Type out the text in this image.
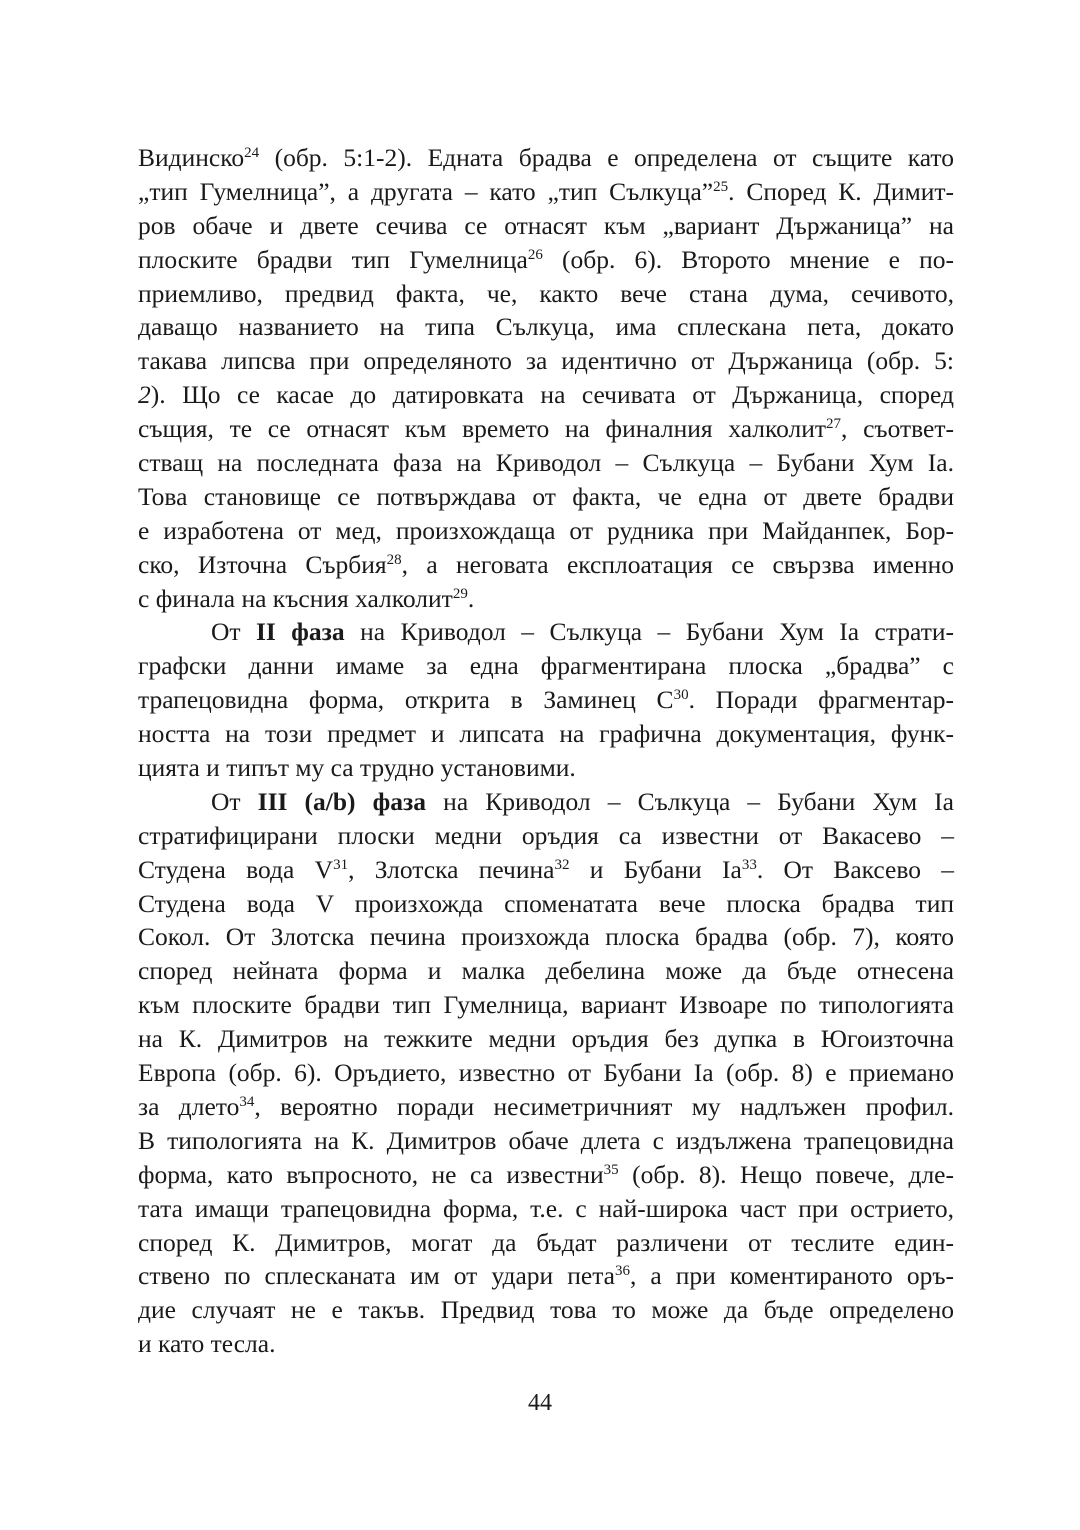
Видинско$^{24}$ (обр. 5:1-2). Едната брадва е определена от същите като
„тип Гумелница”, а другата – като „тип Сълкуца”$^{25}$. Според К. Димит-
ров обаче и двете сечива се отнасят към „вариант Държаница” на
плоските брадви тип Гумелница$^{26}$ (обр. 6). Второто мнение е по-
приемливо, предвид факта, че, както вече стана дума, сечивото,
даващо названието на типа Сълкуца, има сплескана пета, докато
такава липсва при определяното за идентично от Държаница (обр. 5:
2). Що се касае до датировката на сечивата от Държаница, според
същия, те се отнасят към времето на финалния халколит$^{27}$, съответ-
стващ на последната фаза на Криводол – Сълкуца – Бубани Хум Ia.
Това становище се потвърждава от факта, че една от двете брадви
е изработена от мед, произхождаща от рудника при Майданпек, Бор-
ско, Източна Сърбия$^{28}$, а неговата експлоатация се свързва именно
с финала на късния халколит$^{29}$.
От II фаза на Криводол – Сълкуца – Бубани Хум Ia страти-
графски данни имаме за една фрагментирана плоска „брадва” с
трапецовидна форма, открита в Заминец $С^{30}$. Поради фрагментар-
ността на този предмет и липсата на графична документация, функ-
цията и типът му са трудно установими.
От III (a/b) фаза на Криводол – Сълкуца – Бубани Хум Ia
стратифицирани плоски медни оръдия са известни от Вакасево –
Студена вода $V^{31}$, Злотска печина$^{32}$ и Бубани Ia$^{33}$. От Ваксево –
Студена вода V произхожда споменатата вече плоска брадва тип
Сокол. От Злотска печина произхожда плоска брадва (обр. 7), която
според нейната форма и малка дебелина може да бъде отнесена
към плоските брадви тип Гумелница, вариант Извоаре по типологията
на К. Димитров на тежките медни оръдия без дупка в Югоизточна
Европа (обр. 6). Оръдието, известно от Бубани Ia (обр. 8) е приемано
за длето$^{34}$, вероятно поради несиметричният му надлъжен профил.
В типологията на К. Димитров обаче длета с издължена трапецовидна
форма, като въпросното, не са известни$^{35}$ (обр. 8). Нещо повече, дле-
тата имащи трапецовидна форма, т.е. с най-широка част при острието,
според К. Димитров, могат да бъдат различени от теслите един-
ствено по сплесканата им от удари пета$^{36}$, а при коментираното оръ-
дие случаят не е такъв. Предвид това то може да бъде определено
и като тесла.
44
